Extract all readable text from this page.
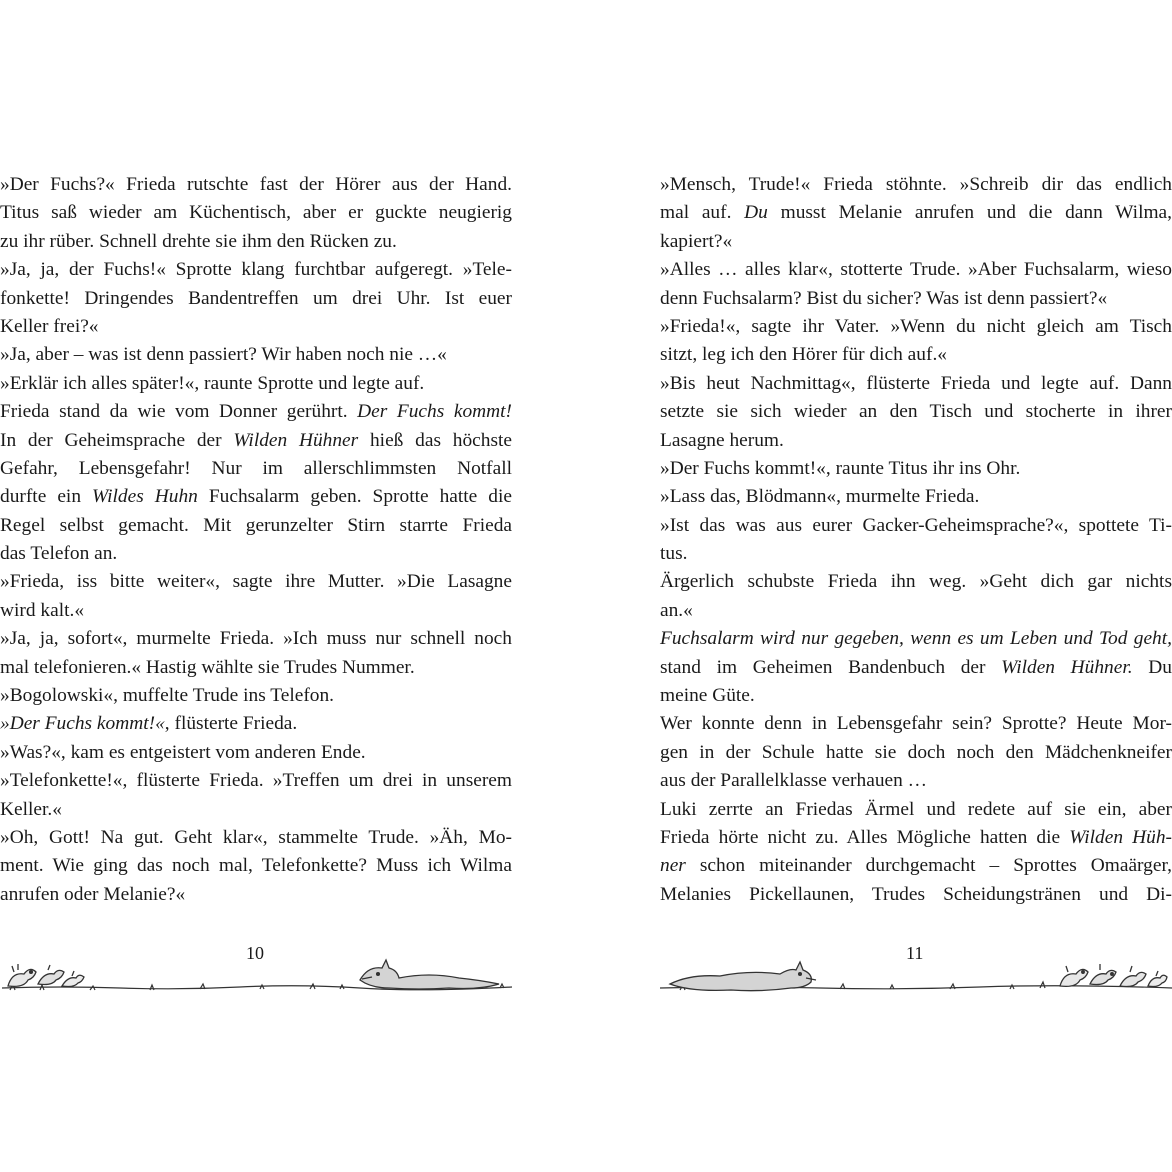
»Der Fuchs?« Frieda rutschte fast der Hörer aus der Hand.
Titus saß wieder am Küchentisch, aber er guckte neugierig
zu ihr rüber. Schnell drehte sie ihm den Rücken zu.
»Ja, ja, der Fuchs!« Sprotte klang furchtbar aufgeregt. »Tele-
fonkette! Dringendes Bandentreffen um drei Uhr. Ist euer
Keller frei?«
»Ja, aber – was ist denn passiert? Wir haben noch nie …«
»Erklär ich alles später!«, raunte Sprotte und legte auf.
Frieda stand da wie vom Donner gerührt. Der Fuchs kommt!
In der Geheimsprache der Wilden Hühner hieß das höchste
Gefahr, Lebensgefahr! Nur im allerschlimmsten Notfall
durfte ein Wildes Huhn Fuchsalarm geben. Sprotte hatte die
Regel selbst gemacht. Mit gerunzelter Stirn starrte Frieda
das Telefon an.
»Frieda, iss bitte weiter«, sagte ihre Mutter. »Die Lasagne
wird kalt.«
»Ja, ja, sofort«, murmelte Frieda. »Ich muss nur schnell noch
mal telefonieren.« Hastig wählte sie Trudes Nummer.
»Bogolowski«, muffelte Trude ins Telefon.
»Der Fuchs kommt!«, flüsterte Frieda.
»Was?«, kam es entgeistert vom anderen Ende.
»Telefonkette!«, flüsterte Frieda. »Treffen um drei in unserem
Keller.«
»Oh, Gott! Na gut. Geht klar«, stammelte Trude. »Äh, Mo-
ment. Wie ging das noch mal, Telefonkette? Muss ich Wilma
anrufen oder Melanie?«
»Mensch, Trude!« Frieda stöhnte. »Schreib dir das endlich
mal auf. Du musst Melanie anrufen und die dann Wilma,
kapiert?«
»Alles … alles klar«, stotterte Trude. »Aber Fuchsalarm, wieso
denn Fuchsalarm? Bist du sicher? Was ist denn passiert?«
»Frieda!«, sagte ihr Vater. »Wenn du nicht gleich am Tisch
sitzt, leg ich den Hörer für dich auf.«
»Bis heut Nachmittag«, flüsterte Frieda und legte auf. Dann
setzte sie sich wieder an den Tisch und stocherte in ihrer
Lasagne herum.
»Der Fuchs kommt!«, raunte Titus ihr ins Ohr.
»Lass das, Blödmann«, murmelte Frieda.
»Ist das was aus eurer Gacker-Geheimsprache?«, spottete Ti-
tus.
Ärgerlich schubste Frieda ihn weg. »Geht dich gar nichts
an.«
Fuchsalarm wird nur gegeben, wenn es um Leben und Tod geht,
stand im Geheimen Bandenbuch der Wilden Hühner. Du
meine Güte.
Wer konnte denn in Lebensgefahr sein? Sprotte? Heute Mor-
gen in der Schule hatte sie doch noch den Mädchenkneifer
aus der Parallelklasse verhauen …
Luki zerrte an Friedas Ärmel und redete auf sie ein, aber
Frieda hörte nicht zu. Alles Mögliche hatten die Wilden Hüh-
ner schon miteinander durchgemacht – Sprottes Omaärger,
Melanies Pickellaunen, Trudes Scheidungstränen und Di-
10	11
